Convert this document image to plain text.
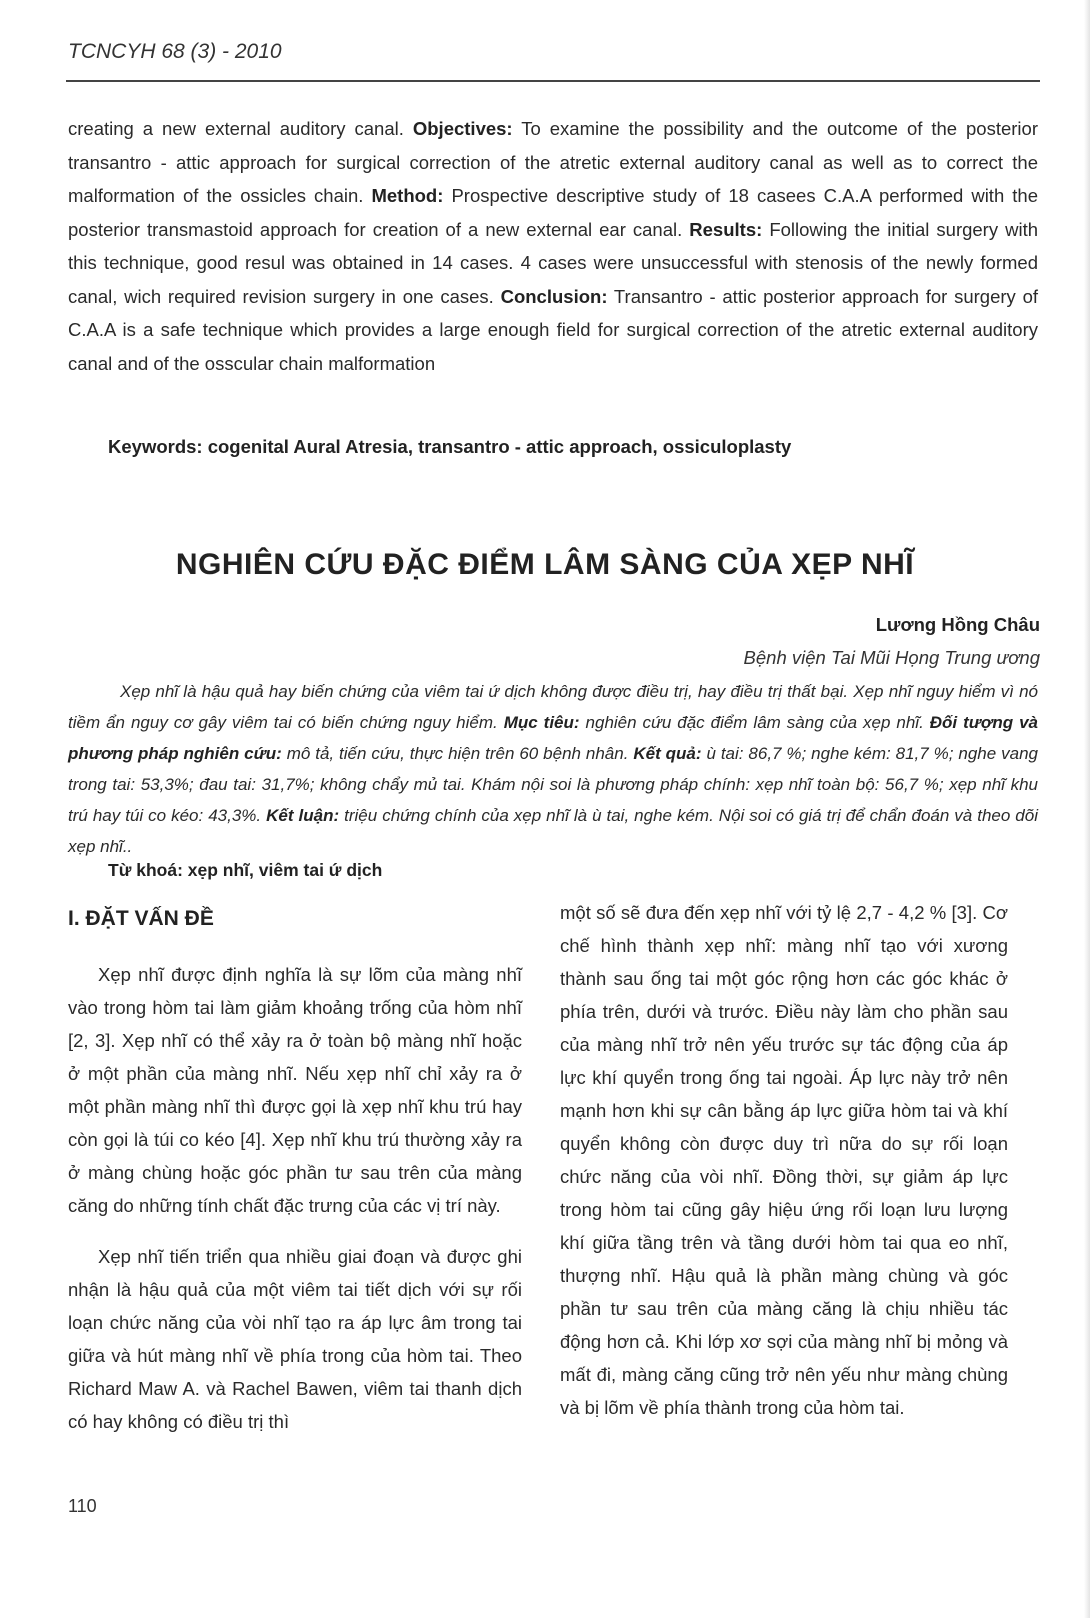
TCNCYH 68 (3) - 2010
creating a new external auditory canal. Objectives: To examine the possibility and the outcome of the posterior transantro - attic approach for surgical correction of the atretic external auditory canal as well as to correct the malformation of the ossicles chain. Method: Prospective descriptive study of 18 casees C.A.A performed with the posterior transmastoid approach for creation of a new external ear canal. Results: Following the initial surgery with this technique, good resul was obtained in 14 cases. 4 cases were unsuccessful with stenosis of the newly formed canal, wich required revision surgery in one cases. Conclusion: Transantro - attic posterior approach for surgery of C.A.A is a safe technique which provides a large enough field for surgical correction of the atretic external auditory canal and of the osscular chain malformation
Keywords: cogenital Aural Atresia, transantro - attic approach, ossiculoplasty
NGHIÊN CỨU ĐẶC ĐIỂM LÂM SÀNG CỦA XẸP NHĨ
Lương Hồng Châu
Bệnh viện Tai Mũi Họng Trung ương
Xẹp nhĩ là hậu quả hay biến chứng của viêm tai ứ dịch không được điều trị, hay điều trị thất bại. Xẹp nhĩ nguy hiểm vì nó tiềm ẩn nguy cơ gây viêm tai có biến chứng nguy hiểm. Mục tiêu: nghiên cứu đặc điểm lâm sàng của xẹp nhĩ. Đối tượng và phương pháp nghiên cứu: mô tả, tiến cứu, thực hiện trên 60 bệnh nhân. Kết quả: ù tai: 86,7 %; nghe kém: 81,7 %; nghe vang trong tai: 53,3%; đau tai: 31,7%; không chẩy mủ tai. Khám nội soi là phương pháp chính: xẹp nhĩ toàn bộ: 56,7 %; xẹp nhĩ khu trú hay túi co kéo: 43,3%. Kết luận: triệu chứng chính của xẹp nhĩ là ù tai, nghe kém. Nội soi có giá trị để chẩn đoán và theo dõi xẹp nhĩ..
Từ khoá: xẹp nhĩ, viêm tai ứ dịch
I. ĐẶT VẤN ĐỀ

Xẹp nhĩ được định nghĩa là sự lõm của màng nhĩ vào trong hòm tai làm giảm khoảng trống của hòm nhĩ [2, 3]. Xẹp nhĩ có thể xảy ra ở toàn bộ màng nhĩ hoặc ở một phần của màng nhĩ. Nếu xẹp nhĩ chỉ xảy ra ở một phần màng nhĩ thì được gọi là xẹp nhĩ khu trú hay còn gọi là túi co kéo [4]. Xẹp nhĩ khu trú thường xảy ra ở màng chùng hoặc góc phần tư sau trên của màng căng do những tính chất đặc trưng của các vị trí này.

Xẹp nhĩ tiến triển qua nhiều giai đoạn và được ghi nhận là hậu quả của một viêm tai tiết dịch với sự rối loạn chức năng của vòi nhĩ tạo ra áp lực âm trong tai giữa và hút màng nhĩ về phía trong của hòm tai. Theo Richard Maw A. và Rachel Bawen, viêm tai thanh dịch có hay không có điều trị thì

một số sẽ đưa đến xẹp nhĩ với tỷ lệ 2,7 - 4,2 % [3]. Cơ chế hình thành xẹp nhĩ: màng nhĩ tạo với xương thành sau ống tai một góc rộng hơn các góc khác ở phía trên, dưới và trước. Điều này làm cho phần sau của màng nhĩ trở nên yếu trước sự tác động của áp lực khí quyển trong ống tai ngoài. Áp lực này trở nên mạnh hơn khi sự cân bằng áp lực giữa hòm tai và khí quyển không còn được duy trì nữa do sự rối loạn chức năng của vòi nhĩ. Đồng thời, sự giảm áp lực trong hòm tai cũng gây hiệu ứng rối loạn lưu lượng khí giữa tầng trên và tầng dưới hòm tai qua eo nhĩ, thượng nhĩ. Hậu quả là phần màng chùng và góc phần tư sau trên của màng căng là chịu nhiều tác động hơn cả. Khi lớp xơ sợi của màng nhĩ bị mỏng và mất đi, màng căng cũng trở nên yếu như màng chùng và bị lõm về phía thành trong của hòm tai.

110
